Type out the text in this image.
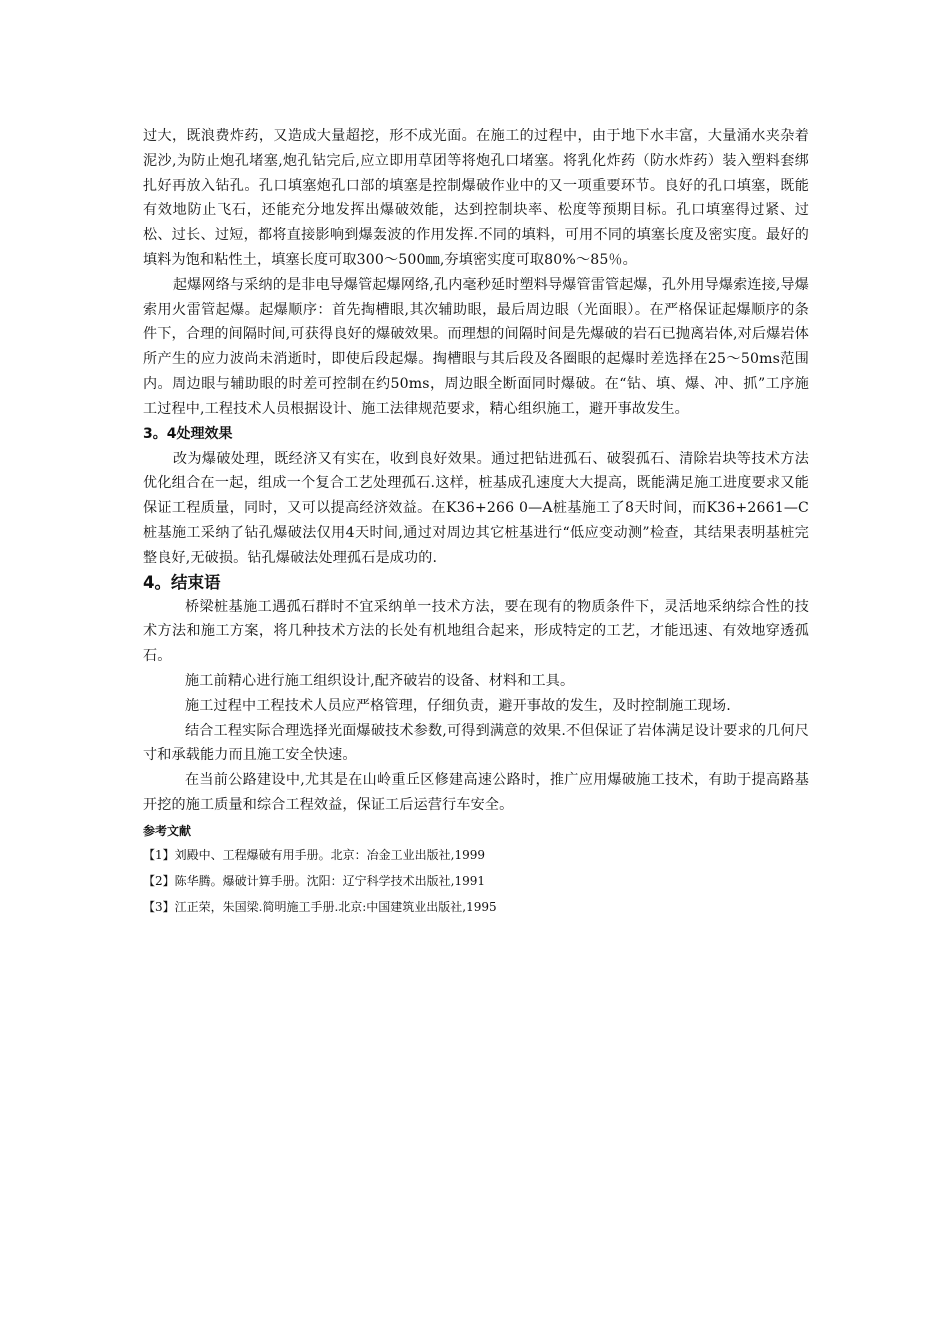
过大，既浪费炸药，又造成大量超挖，形不成光面。在施工的过程中，由于地下水丰富，大量涌水夹杂着泥沙,为防止炮孔堵塞,炮孔钻完后,应立即用草团等将炮孔口堵塞。将乳化炸药（防水炸药）装入塑料套绑扎好再放入钻孔。孔口填塞炮孔口部的填塞是控制爆破作业中的又一项重要环节。良好的孔口填塞，既能有效地防止飞石，还能充分地发挥出爆破效能，达到控制块率、松度等预期目标。孔口填塞得过紧、过松、过长、过短，都将直接影响到爆轰波的作用发挥.不同的填料，可用不同的填塞长度及密实度。最好的填料为饱和粘性土，填塞长度可取300～500㎜,夯填密实度可取80%～85％。

起爆网络与采纳的是非电导爆管起爆网络,孔内毫秒延时塑料导爆管雷管起爆，孔外用导爆索连接,导爆索用火雷管起爆。起爆顺序：首先掏槽眼,其次辅助眼，最后周边眼（光面眼）。在严格保证起爆顺序的条件下，合理的间隔时间,可获得良好的爆破效果。而理想的间隔时间是先爆破的岩石已抛离岩体,对后爆岩体所产生的应力波尚未消逝时，即使后段起爆。掏槽眼与其后段及各圈眼的起爆时差选择在25～50ms范围内。周边眼与辅助眼的时差可控制在约50ms，周边眼全断面同时爆破。在“钻、填、爆、冲、抓”工序施工过程中,工程技术人员根据设计、施工法律规范要求，精心组织施工，避开事故发生。

3。4处理效果

改为爆破处理，既经济又有实在，收到良好效果。通过把钻进孤石、破裂孤石、清除岩块等技术方法优化组合在一起，组成一个复合工艺处理孤石.这样，桩基成孔速度大大提高，既能满足施工进度要求又能保证工程质量，同时，又可以提高经济效益。在K36+266 0—A桩基施工了8天时间，而K36+2661—C 桩基施工采纳了钻孔爆破法仅用4天时间,通过对周边其它桩基进行“低应变动测”检查，其结果表明基桩完整良好,无破损。钻孔爆破法处理孤石是成功的.

4。结束语

桥梁桩基施工遇孤石群时不宜采纳单一技术方法，要在现有的物质条件下，灵活地采纳综合性的技术方法和施工方案，将几种技术方法的长处有机地组合起来，形成特定的工艺，才能迅速、有效地穿透孤石。

施工前精心进行施工组织设计,配齐破岩的设备、材料和工具。

施工过程中工程技术人员应严格管理，仔细负责，避开事故的发生，及时控制施工现场.

结合工程实际合理选择光面爆破技术参数,可得到满意的效果.不但保证了岩体满足设计要求的几何尺寸和承载能力而且施工安全快速。

在当前公路建设中,尤其是在山岭重丘区修建高速公路时，推广应用爆破施工技术，有助于提高路基开挖的施工质量和综合工程效益，保证工后运营行车安全。

参考文献

【1】刘殿中、工程爆破有用手册。北京：冶金工业出版社,1999

【2】陈华腾。爆破计算手册。沈阳：辽宁科学技术出版社,1991

【3】江正荣，朱国梁.简明施工手册.北京:中国建筑业出版社,1995
